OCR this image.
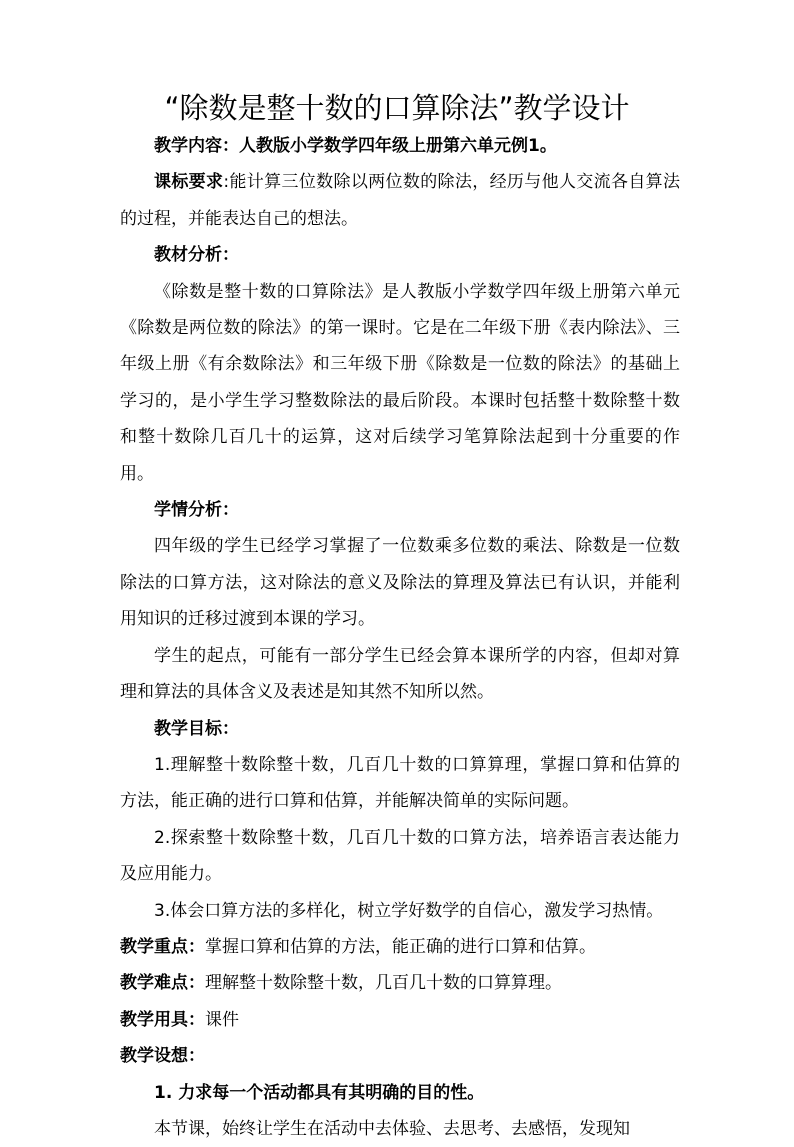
“除数是整十数的口算除法”教学设计

教学内容：人教版小学数学四年级上册第六单元例1。

课标要求:能计算三位数除以两位数的除法，经历与他人交流各自算法的过程，并能表达自己的想法。

教材分析：

《除数是整十数的口算除法》是人教版小学数学四年级上册第六单元《除数是两位数的除法》的第一课时。它是在二年级下册《表内除法》、三年级上册《有余数除法》和三年级下册《除数是一位数的除法》的基础上学习的，是小学生学习整数除法的最后阶段。本课时包括整十数除整十数和整十数除几百几十的运算，这对后续学习笔算除法起到十分重要的作用。

学情分析：

四年级的学生已经学习掌握了一位数乘多位数的乘法、除数是一位数除法的口算方法，这对除法的意义及除法的算理及算法已有认识，并能利用知识的迁移过渡到本课的学习。

学生的起点，可能有一部分学生已经会算本课所学的内容，但却对算理和算法的具体含义及表述是知其然不知所以然。

教学目标：

1.理解整十数除整十数，几百几十数的口算算理，掌握口算和估算的方法，能正确的进行口算和估算，并能解决简单的实际问题。

2.探索整十数除整十数，几百几十数的口算方法，培养语言表达能力及应用能力。

3.体会口算方法的多样化，树立学好数学的自信心，激发学习热情。

教学重点：掌握口算和估算的方法，能正确的进行口算和估算。

教学难点：理解整十数除整十数，几百几十数的口算算理。

教学用具：课件

教学设想：

1. 力求每一个活动都具有其明确的目的性。

本节课，始终让学生在活动中去体验、去思考、去感悟，发现知
